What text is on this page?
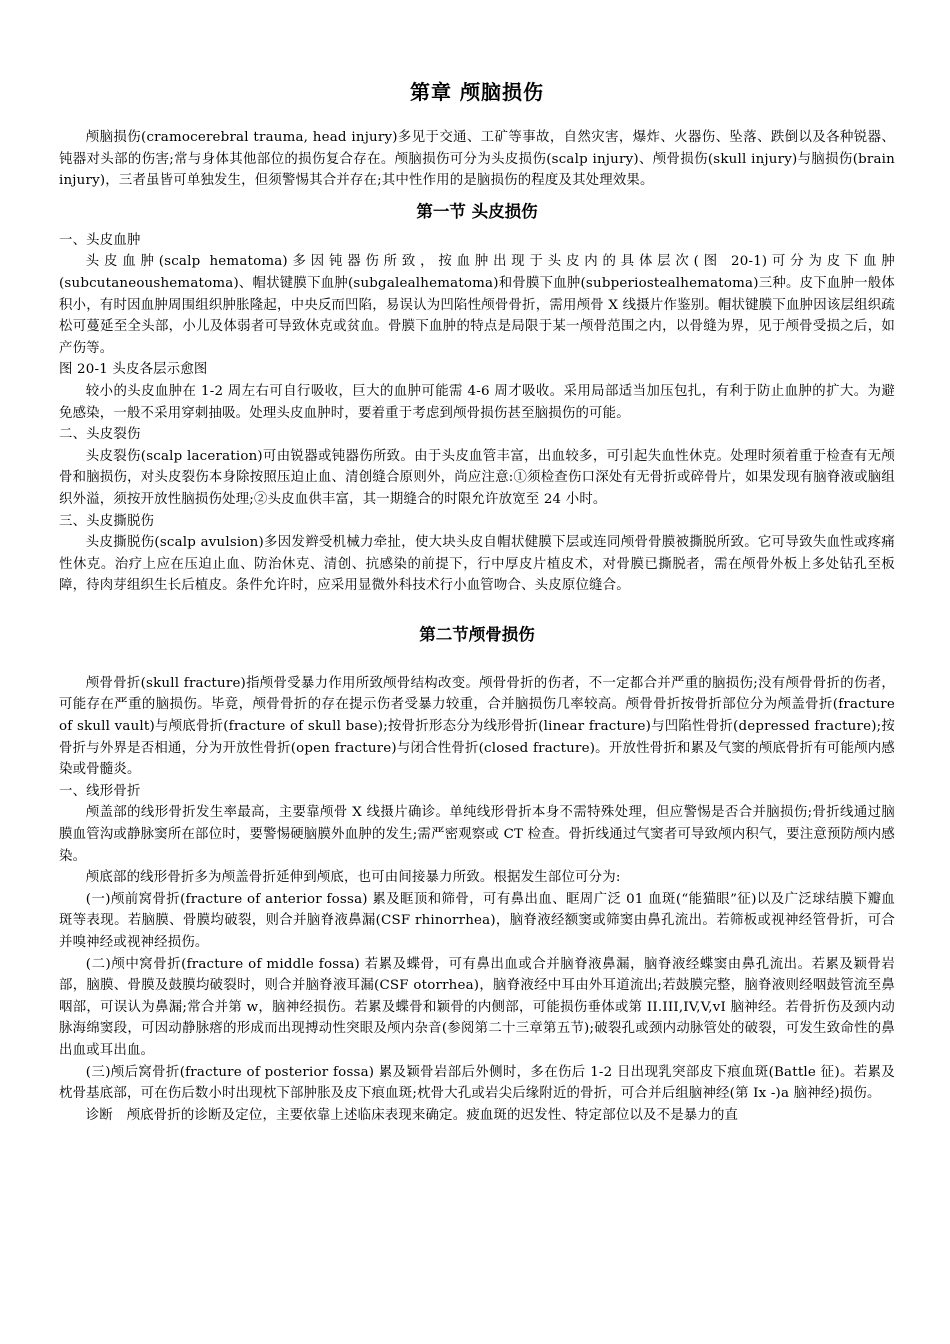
第章 颅脑损伤

颅脑损伤(cramocerebral trauma, head injury)多见于交通、工矿等事故，自然灾害，爆炸、火器伤、坠落、跌倒以及各种锐器、钝器对头部的伤害;常与身体其他部位的损伤复合存在。颅脑损伤可分为头皮损伤(scalp injury)、颅骨损伤(skull injury)与脑损伤(brain injury)，三者虽皆可单独发生，但须警惕其合并存在;其中性作用的是脑损伤的程度及其处理效果。

第一节 头皮损伤

一、头皮血肿

头皮血肿(scalp hematoma)多因钝器伤所致，按血肿出现于头皮内的具体层次(图 20-1)可分为皮下血肿(subcutaneoushematoma)、帽状键膜下血肿(subgalealhematoma)和骨膜下血肿(subperiostealhematoma)三种。皮下血肿一般体积小，有时因血肿周围组织肿胀隆起，中央反而凹陷，易误认为凹陷性颅骨骨折，需用颅骨 X 线摄片作鉴别。帽状键膜下血肿因该层组织疏松可蔓延至全头部，小儿及体弱者可导致休克或贫血。骨膜下血肿的特点是局限于某一颅骨范围之内，以骨缝为界，见于颅骨受损之后，如产伤等。

图 20-1 头皮各层示愈图

较小的头皮血肿在 1-2 周左右可自行吸收，巨大的血肿可能需 4-6 周才吸收。采用局部适当加压包扎，有利于防止血肿的扩大。为避免感染，一般不采用穿刺抽吸。处理头皮血肿时，要着重于考虑到颅骨损伤甚至脑损伤的可能。

二、头皮裂伤

头皮裂伤(scalp laceration)可由锐器或钝器伤所致。由于头皮血管丰富，出血较多，可引起失血性休克。处理时须着重于检查有无颅骨和脑损伤，对头皮裂伤本身除按照压迫止血、清创缝合原则外，尚应注意:①须检查伤口深处有无骨折或碎骨片，如果发现有脑脊液或脑组织外溢，须按开放性脑损伤处理;②头皮血供丰富，其一期缝合的时限允许放宽至 24 小时。

三、头皮撕脱伤

头皮撕脱伤(scalp avulsion)多因发辫受机械力牵扯，使大块头皮自帽状健膜下层或连同颅骨骨膜被撕脱所致。它可导致失血性或疼痛性休克。治疗上应在压迫止血、防治休克、清创、抗感染的前提下，行中厚皮片植皮术，对骨膜已撕脱者，需在颅骨外板上多处钻孔至板障，待肉芽组织生长后植皮。条件允许时，应采用显微外科技术行小血管吻合、头皮原位缝合。

第二节颅骨损伤

颅骨骨折(skull fracture)指颅骨受暴力作用所致颅骨结构改变。颅骨骨折的伤者，不一定都合并严重的脑损伤;没有颅骨骨折的伤者，可能存在严重的脑损伤。毕竟，颅骨骨折的存在提示伤者受暴力较重，合并脑损伤几率较高。颅骨骨折按骨折部位分为颅盖骨折(fracture of skull vault)与颅底骨折(fracture of skull base);按骨折形态分为线形骨折(linear fracture)与凹陷性骨折(depressed fracture);按骨折与外界是否相通，分为开放性骨折(open fracture)与闭合性骨折(closed fracture)。开放性骨折和累及气窦的颅底骨折有可能颅内感染或骨髓炎。

一、线形骨折

颅盖部的线形骨折发生率最高，主要靠颅骨 X 线摄片确诊。单纯线形骨折本身不需特殊处理，但应警惕是否合并脑损伤;骨折线通过脑膜血管沟或静脉窦所在部位时，要警惕硬脑膜外血肿的发生;需严密观察或 CT 检查。骨折线通过气窦者可导致颅内积气，要注意预防颅内感染。

颅底部的线形骨折多为颅盖骨折延伸到颅底，也可由间接暴力所致。根据发生部位可分为:

(一)颅前窝骨折(fracture of anterior fossa) 累及眶顶和筛骨，可有鼻出血、眶周广泛 01 血斑(“能猫眼”征)以及广泛球结膜下瓣血斑等表现。若脑膜、骨膜均破裂，则合并脑脊液鼻漏(CSF rhinorrhea)，脑脊液经额窦或筛窦由鼻孔流出。若筛板或视神经管骨折，可合并嗅神经或视神经损伤。

(二)颅中窝骨折(fracture of middle fossa) 若累及蝶骨，可有鼻出血或合并脑脊液鼻漏，脑脊液经蝶窦由鼻孔流出。若累及颖骨岩部，脑膜、骨膜及鼓膜均破裂时，则合并脑脊液耳漏(CSF otorrhea)，脑脊液经中耳由外耳道流出;若鼓膜完整，脑脊液则经咽鼓管流至鼻咽部，可误认为鼻漏;常合并第 w，脑神经损伤。若累及蝶骨和颖骨的内侧部，可能损伤垂体或第 II.III,IV,V,vI 脑神经。若骨折伤及颈内动脉海绵窦段，可因动静脉瘩的形成而出现搏动性突眼及颅内杂音(参阅第二十三章第五节);破裂孔或颈内动脉管处的破裂，可发生致命性的鼻出血或耳出血。

(三)颅后窝骨折(fracture of posterior fossa) 累及颖骨岩部后外侧时，多在伤后 1-2 日出现乳突部皮下痕血斑(Battle 征)。若累及枕骨基底部，可在伤后数小时出现枕下部肿胀及皮下痕血斑;枕骨大孔或岩尖后缘附近的骨折，可合并后组脑神经(第 Ix -)a 脑神经)损伤。

诊断　颅底骨折的诊断及定位，主要依靠上述临床表现来确定。疲血斑的迟发性、特定部位以及不是暴力的直
